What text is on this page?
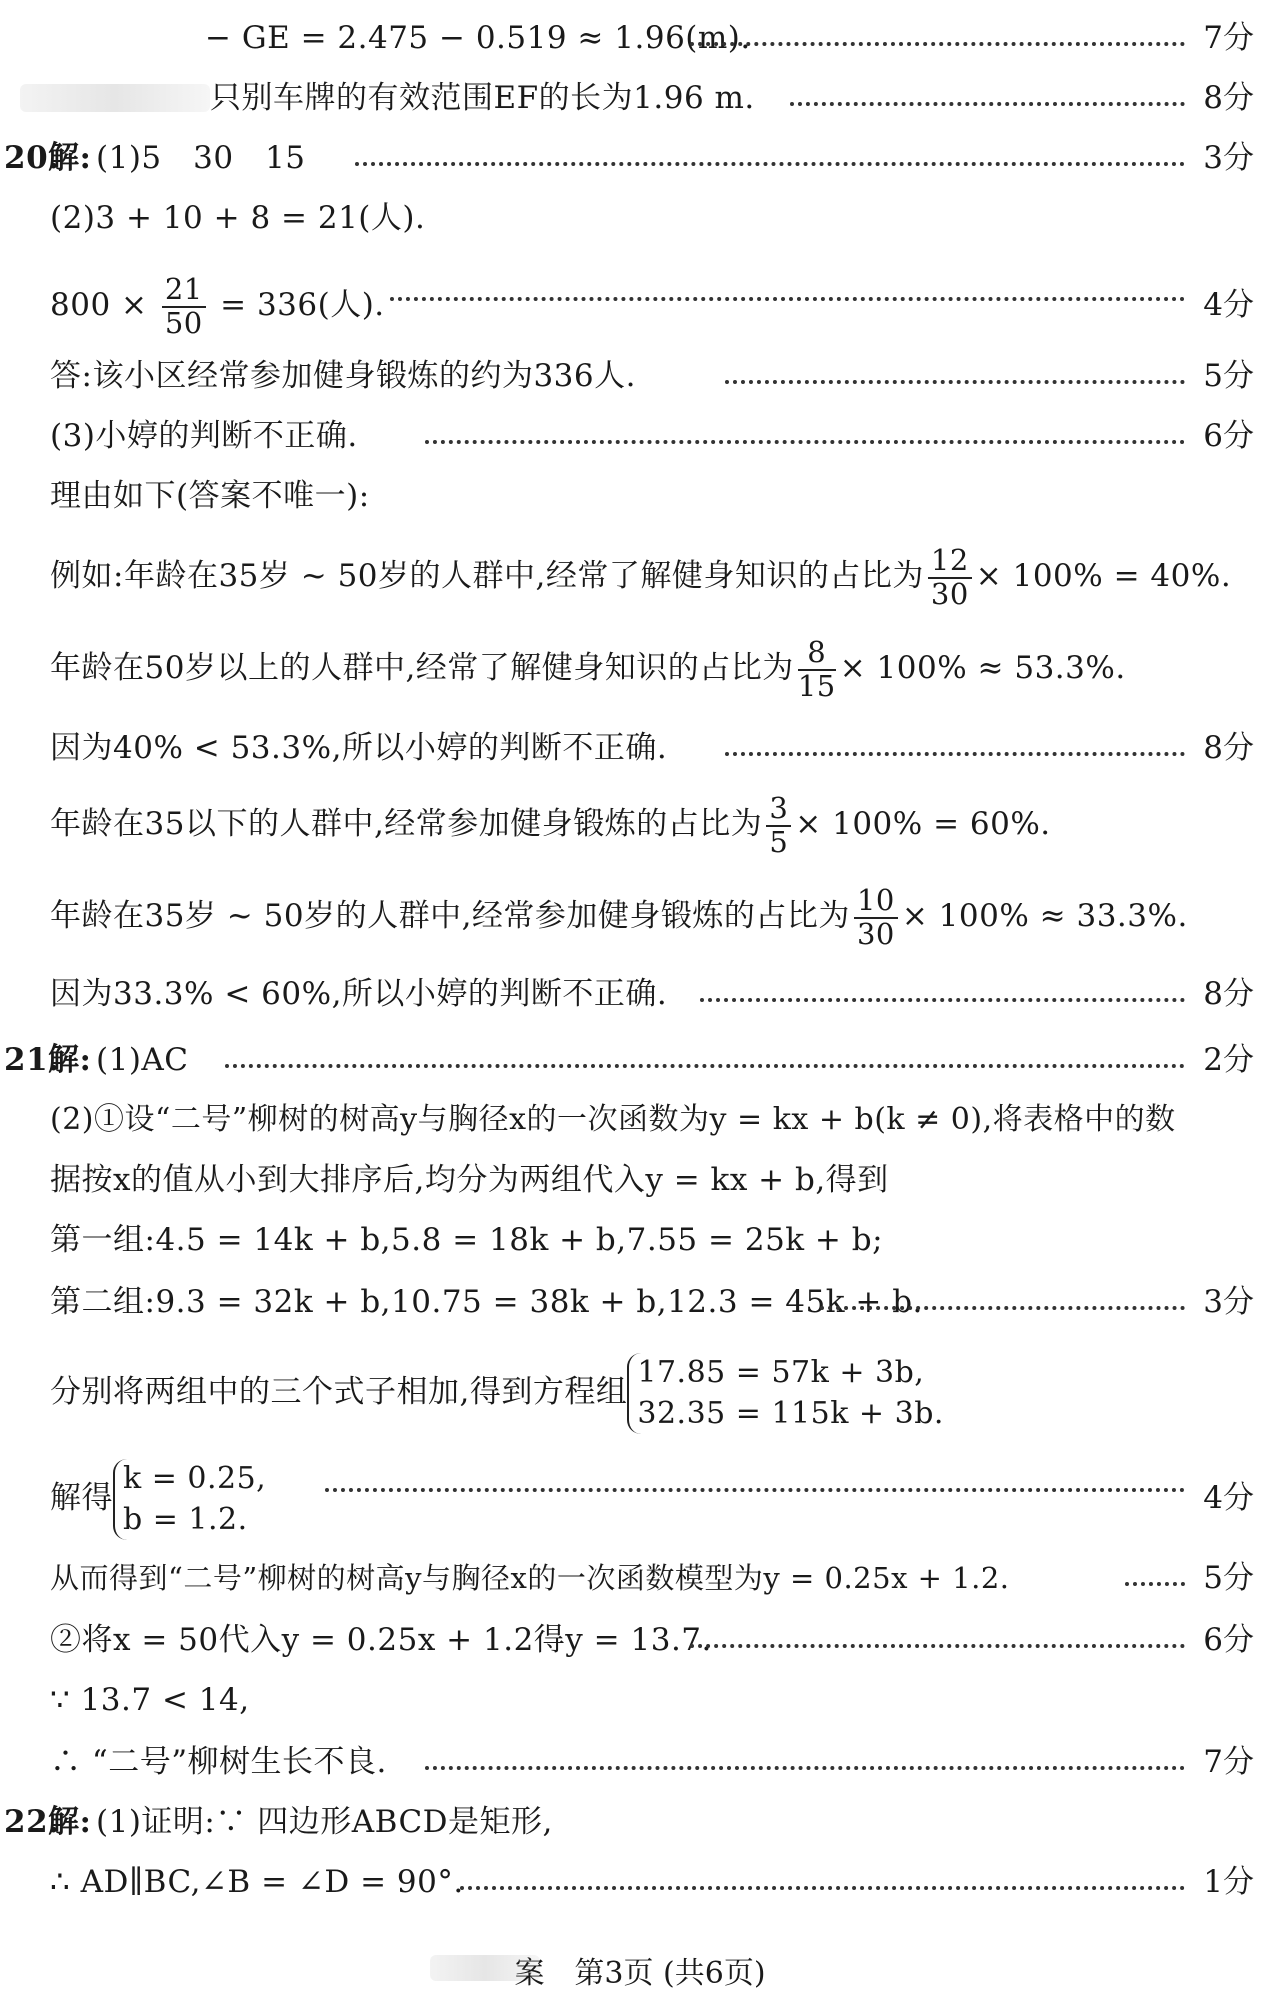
− GE = 2.475 − 0.519 ≈ 1.96(m).	7分
只别车牌的有效范围EF的长为1.96 m.	8分
20.
解: (1)5　30　15	3分
(2)3 + 10 + 8 = 21(人).
$800 \times \frac{21}{50} = 336$(人).	4分
答:该小区经常参加健身锻炼的约为336人.	5分
(3)小婷的判断不正确.	6分
理由如下(答案不唯一):
例如:年龄在35岁 ~ 50岁的人群中,经常了解健身知识的占比为 $\frac{12}{30} \times 100\% = 40\%$.
年龄在50岁以上的人群中,经常了解健身知识的占比为 $\frac{8}{15} \times 100\% \approx 53.3\%$.
因为40% < 53.3%,所以小婷的判断不正确.	8分
年龄在35以下的人群中,经常参加健身锻炼的占比为 $\frac{3}{5} \times 100\% = 60\%$.
年龄在35岁 ~ 50岁的人群中,经常参加健身锻炼的占比为 $\frac{10}{30} \times 100\% \approx 33.3\%$.
因为33.3% < 60%,所以小婷的判断不正确.	8分
21.
解: (1)AC	2分
(2)①设“二号”柳树的树高y与胸径x的一次函数为y = kx + b(k ≠ 0),将表格中的数
据按x的值从小到大排序后,均分为两组代入y = kx + b,得到
第一组:4.5 = 14k + b,5.8 = 18k + b,7.55 = 25k + b;
第二组:9.3 = 32k + b,10.75 = 38k + b,12.3 = 45k + b.	3分
分别将两组中的三个式子相加,得到方程组
17.85 = 57k + 3b,
32.35 = 115k + 3b.
解得
k = 0.25,
b = 1.2.
4分
从而得到“二号”柳树的树高y与胸径x的一次函数模型为y = 0.25x + 1.2.	5分
②将x = 50代入y = 0.25x + 1.2得y = 13.7.	6分
∵ 13.7 < 14,
∴ “二号”柳树生长不良.	7分
22.
解: (1)证明:∵ 四边形ABCD是矩形,
∴ AD∥BC,∠B = ∠D = 90°.	1分
案　第3页 (共6页)
